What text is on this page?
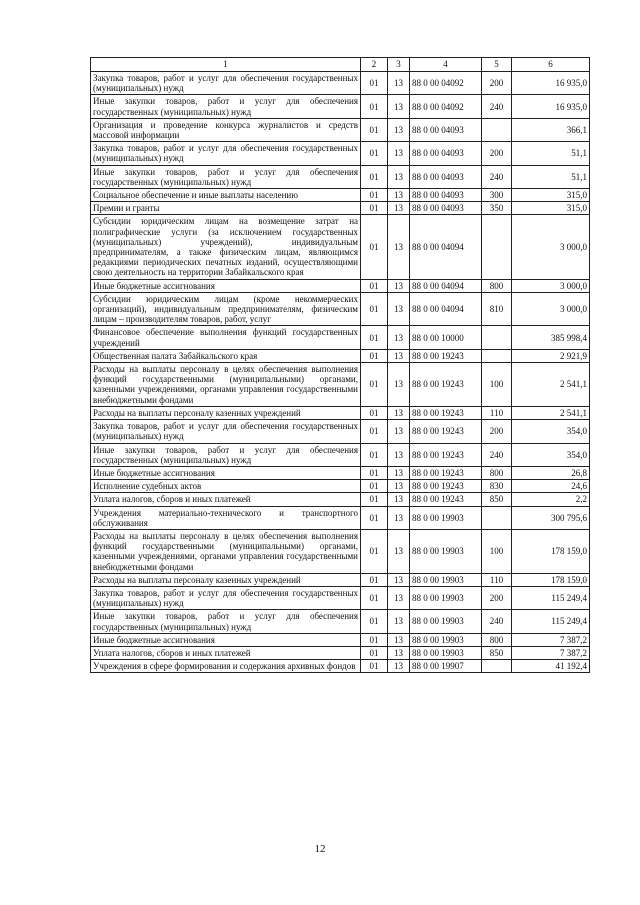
1	2	3	4	5	6
Закупка товаров, работ и услуг для обеспечения государственных (муниципальных) нужд	01	13	88 0 00 04092	200	16 935,0
Иные закупки товаров, работ и услуг для обеспечения государственных (муниципальных) нужд	01	13	88 0 00 04092	240	16 935,0
Организация и проведение конкурса журналистов и средств массовой информации	01	13	88 0 00 04093		366,1
Закупка товаров, работ и услуг для обеспечения государственных (муниципальных) нужд	01	13	88 0 00 04093	200	51,1
Иные закупки товаров, работ и услуг для обеспечения государственных (муниципальных) нужд	01	13	88 0 00 04093	240	51,1
Социальное обеспечение и иные выплаты населению	01	13	88 0 00 04093	300	315,0
Премии и гранты	01	13	88 0 00 04093	350	315,0
Субсидии юридическим лицам на возмещение затрат на полиграфические услуги (за исключением государственных (муниципальных) учреждений), индивидуальным предпринимателям, а также физическим лицам, являющимся редакциями периодических печатных изданий, осуществляющими свою деятельность на территории Забайкальского края	01	13	88 0 00 04094		3 000,0
Иные бюджетные ассигнования	01	13	88 0 00 04094	800	3 000,0
Субсидии юридическим лицам (кроме некоммерческих организаций), индивидуальным предпринимателям, физическим лицам – производителям товаров, работ, услуг	01	13	88 0 00 04094	810	3 000,0
Финансовое обеспечение выполнения функций государственных учреждений	01	13	88 0 00 10000		385 998,4
Общественная палата Забайкальского края	01	13	88 0 00 19243		2 921,9
Расходы на выплаты персоналу в целях обеспечения выполнения функций государственными (муниципальными) органами, казенными учреждениями, органами управления государственными внебюджетными фондами	01	13	88 0 00 19243	100	2 541,1
Расходы на выплаты персоналу казенных учреждений	01	13	88 0 00 19243	110	2 541,1
Закупка товаров, работ и услуг для обеспечения государственных (муниципальных) нужд	01	13	88 0 00 19243	200	354,0
Иные закупки товаров, работ и услуг для обеспечения государственных (муниципальных) нужд	01	13	88 0 00 19243	240	354,0
Иные бюджетные ассигнования	01	13	88 0 00 19243	800	26,8
Исполнение судебных актов	01	13	88 0 00 19243	830	24,6
Уплата налогов, сборов и иных платежей	01	13	88 0 00 19243	850	2,2
Учреждения материально-технического и транспортного обслуживания	01	13	88 0 00 19903		300 795,6
Расходы на выплаты персоналу в целях обеспечения выполнения функций государственными (муниципальными) органами, казенными учреждениями, органами управления государственными внебюджетными фондами	01	13	88 0 00 19903	100	178 159,0
Расходы на выплаты персоналу казенных учреждений	01	13	88 0 00 19903	110	178 159,0
Закупка товаров, работ и услуг для обеспечения государственных (муниципальных) нужд	01	13	88 0 00 19903	200	115 249,4
Иные закупки товаров, работ и услуг для обеспечения государственных (муниципальных) нужд	01	13	88 0 00 19903	240	115 249,4
Иные бюджетные ассигнования	01	13	88 0 00 19903	800	7 387,2
Уплата налогов, сборов и иных платежей	01	13	88 0 00 19903	850	7 387,2
Учреждения в сфере формирования и содержания архивных фондов	01	13	88 0 00 19907		41 192,4
12
